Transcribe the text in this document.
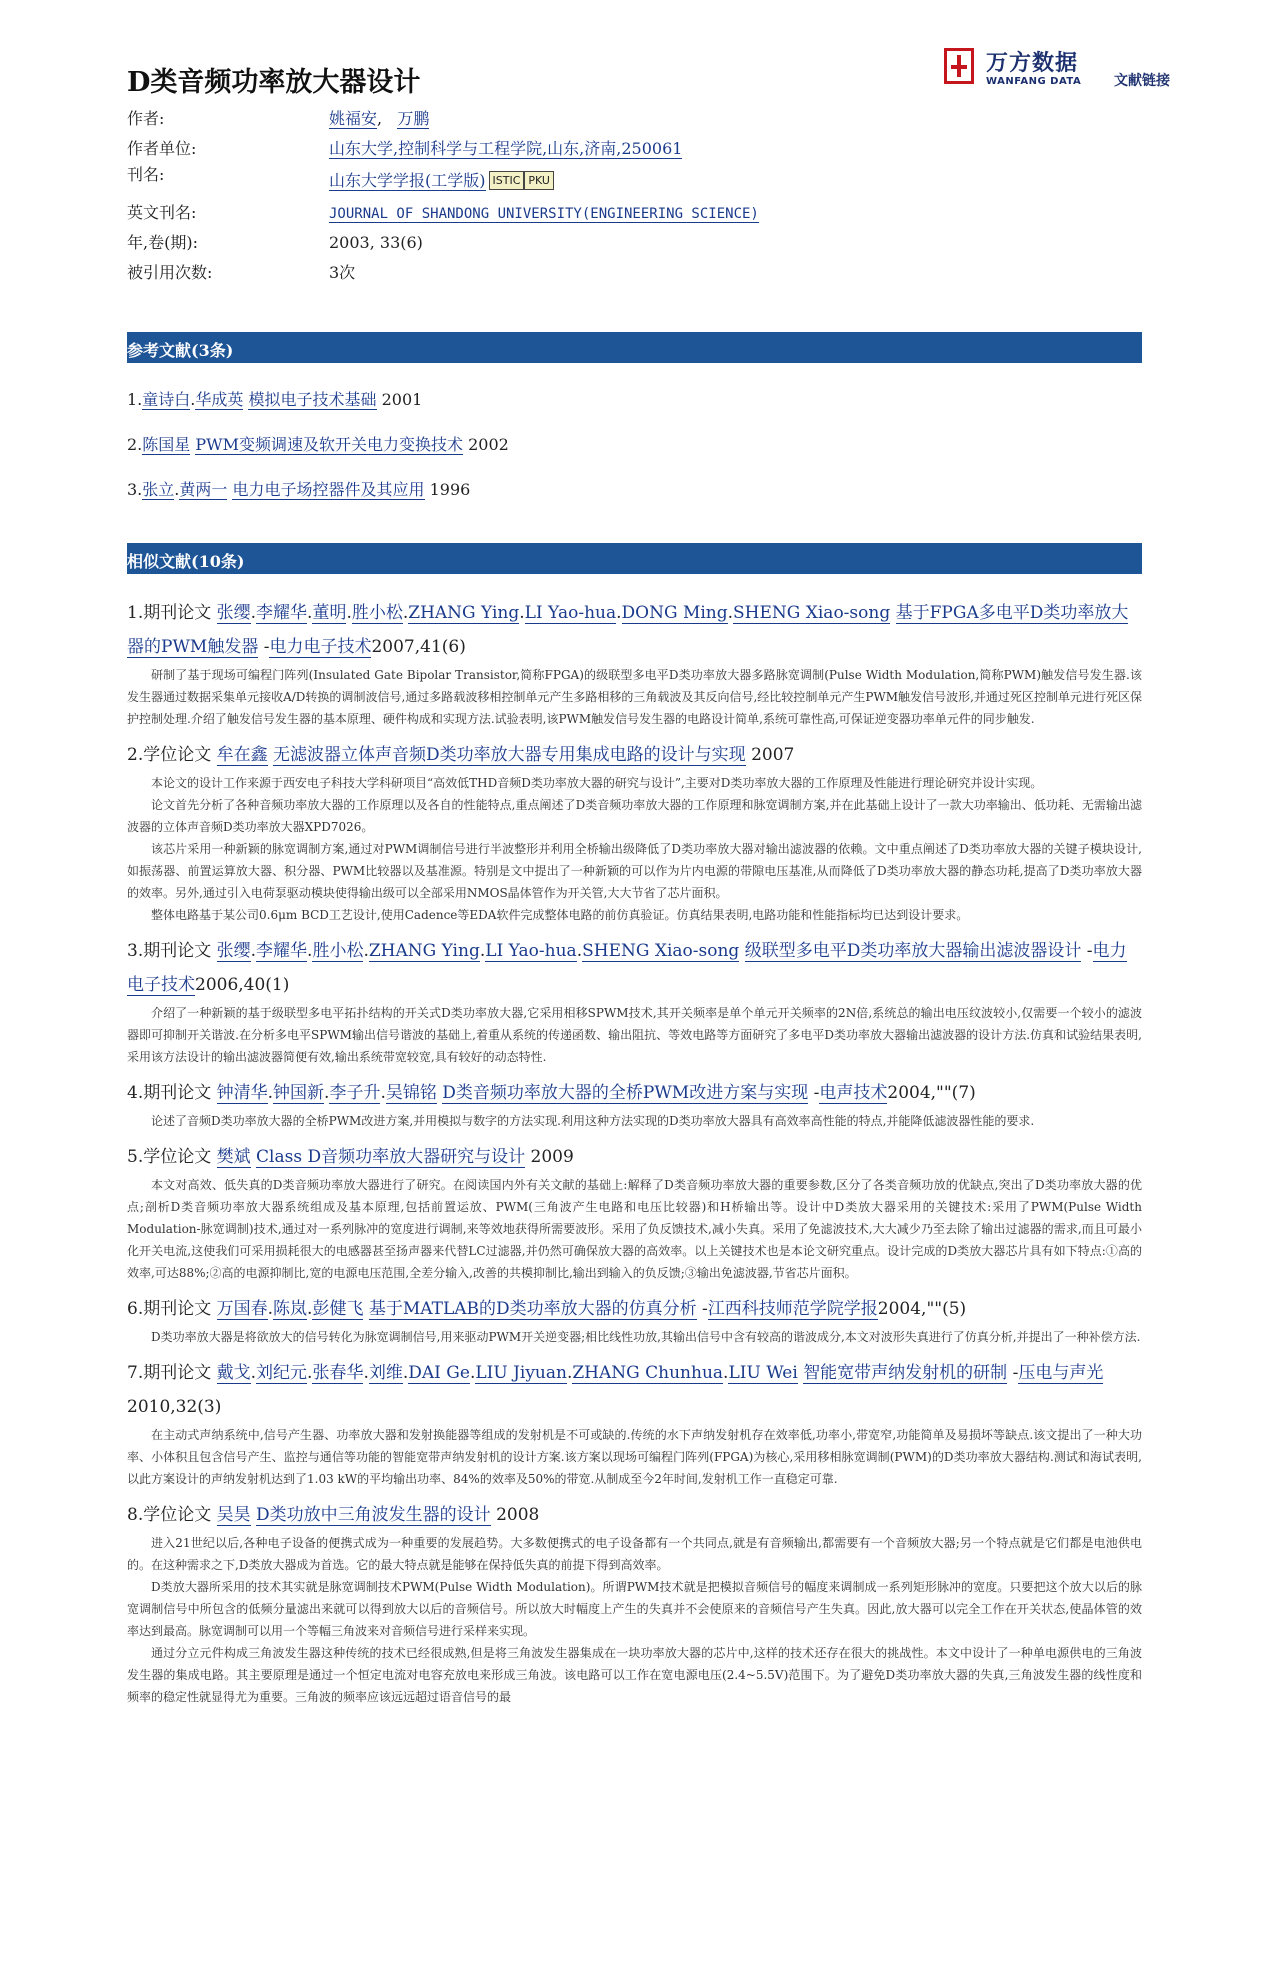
D类音频功率放大器设计
万方数据
WANFANG DATA 文献链接
作者:	姚福安,   万鹏
作者单位:	山东大学,控制科学与工程学院,山东,济南,250061
刊名:	山东大学学报(工学版) ISTIC PKU
英文刊名:	JOURNAL OF SHANDONG UNIVERSITY(ENGINEERING SCIENCE)
年,卷(期):	2003, 33(6)
被引用次数:	3次
参考文献(3条)
1.童诗白.华成英 模拟电子技术基础 2001
2.陈国星 PWM变频调速及软开关电力变换技术 2002
3.张立.黄两一 电力电子场控器件及其应用 1996
相似文献(10条)
1.期刊论文 张缨.李耀华.董明.胜小松.ZHANG Ying.LI Yao-hua.DONG Ming.SHENG Xiao-song 基于FPGA多电平D类功率放大器的PWM触发器 -电力电子技术2007,41(6)

研制了基于现场可编程门阵列(Insulated Gate Bipolar Transistor,简称FPGA)的级联型多电平D类功率放大器多路脉宽调制(Pulse Width Modulation,简称PWM)触发信号发生器.该发生器通过数据采集单元接收A/D转换的调制波信号,通过多路载波移相控制单元产生多路相移的三角载波及其反向信号,经比较控制单元产生PWM触发信号波形,并通过死区控制单元进行死区保护控制处理.介绍了触发信号发生器的基本原理、硬件构成和实现方法.试验表明,该PWM触发信号发生器的电路设计简单,系统可靠性高,可保证逆变器功率单元件的同步触发.

2.学位论文 牟在鑫 无滤波器立体声音频D类功率放大器专用集成电路的设计与实现 2007

本论文的设计工作来源于西安电子科技大学科研项目“高效低THD音频D类功率放大器的研究与设计”,主要对D类功率放大器的工作原理及性能进行理论研究并设计实现。

论文首先分析了各种音频功率放大器的工作原理以及各自的性能特点,重点阐述了D类音频功率放大器的工作原理和脉宽调制方案,并在此基础上设计了一款大功率输出、低功耗、无需输出滤波器的立体声音频D类功率放大器XPD7026。

该芯片采用一种新颖的脉宽调制方案,通过对PWM调制信号进行半波整形并利用全桥输出级降低了D类功率放大器对输出滤波器的依赖。文中重点阐述了D类功率放大器的关键子模块设计,如振荡器、前置运算放大器、积分器、PWM比较器以及基准源。特别是文中提出了一种新颖的可以作为片内电源的带隙电压基准,从而降低了D类功率放大器的静态功耗,提高了D类功率放大器的效率。另外,通过引入电荷泵驱动模块使得输出级可以全部采用NMOS晶体管作为开关管,大大节省了芯片面积。

整体电路基于某公司0.6μm BCD工艺设计,使用Cadence等EDA软件完成整体电路的前仿真验证。仿真结果表明,电路功能和性能指标均已达到设计要求。

3.期刊论文 张缨.李耀华.胜小松.ZHANG Ying.LI Yao-hua.SHENG Xiao-song 级联型多电平D类功率放大器输出滤波器设计 -电力电子技术2006,40(1)

介绍了一种新颖的基于级联型多电平拓扑结构的开关式D类功率放大器,它采用相移SPWM技术,其开关频率是单个单元开关频率的2N倍,系统总的输出电压纹波较小,仅需要一个较小的滤波器即可抑制开关谐波.在分析多电平SPWM输出信号谐波的基础上,着重从系统的传递函数、输出阻抗、等效电路等方面研究了多电平D类功率放大器输出滤波器的设计方法.仿真和试验结果表明,采用该方法设计的输出滤波器简便有效,输出系统带宽较宽,具有较好的动态特性.

4.期刊论文 钟清华.钟国新.李子升.吴锦铭 D类音频功率放大器的全桥PWM改进方案与实现 -电声技术2004,""(7)

论述了音频D类功率放大器的全桥PWM改进方案,并用模拟与数字的方法实现.利用这种方法实现的D类功率放大器具有高效率高性能的特点,并能降低滤波器性能的要求.

5.学位论文 樊斌 Class D音频功率放大器研究与设计 2009

本文对高效、低失真的D类音频功率放大器进行了研究。在阅读国内外有关文献的基础上:解释了D类音频功率放大器的重要参数,区分了各类音频功放的优缺点,突出了D类功率放大器的优点;剖析D类音频功率放大器系统组成及基本原理,包括前置运放、PWM(三角波产生电路和电压比较器)和H桥输出等。设计中D类放大器采用的关键技术:采用了PWM(Pulse Width Modulation-脉宽调制)技术,通过对一系列脉冲的宽度进行调制,来等效地获得所需要波形。采用了负反馈技术,减小失真。采用了免滤波技术,大大减少乃至去除了输出过滤器的需求,而且可最小化开关电流,这使我们可采用损耗很大的电感器甚至扬声器来代替LC过滤器,并仍然可确保放大器的高效率。以上关键技术也是本论文研究重点。设计完成的D类放大器芯片具有如下特点:①高的效率,可达88%;②高的电源抑制比,宽的电源电压范围,全差分输入,改善的共模抑制比,输出到输入的负反馈;③输出免滤波器,节省芯片面积。

6.期刊论文 万国春.陈岚.彭健飞 基于MATLAB的D类功率放大器的仿真分析 -江西科技师范学院学报2004,""(5)

D类功率放大器是将欲放大的信号转化为脉宽调制信号,用来驱动PWM开关逆变器;相比线性功放,其输出信号中含有较高的谐波成分,本文对波形失真进行了仿真分析,并提出了一种补偿方法.

7.期刊论文 戴戈.刘纪元.张春华.刘维.DAI Ge.LIU Jiyuan.ZHANG Chunhua.LIU Wei 智能宽带声纳发射机的研制 -压电与声光2010,32(3)

在主动式声纳系统中,信号产生器、功率放大器和发射换能器等组成的发射机是不可或缺的.传统的水下声纳发射机存在效率低,功率小,带宽窄,功能简单及易损坏等缺点.该文提出了一种大功率、小体积且包含信号产生、监控与通信等功能的智能宽带声纳发射机的设计方案.该方案以现场可编程门阵列(FPGA)为核心,采用移相脉宽调制(PWM)的D类功率放大器结构.测试和海试表明,以此方案设计的声纳发射机达到了1.03 kW的平均输出功率、84%的效率及50%的带宽.从制成至今2年时间,发射机工作一直稳定可靠.

8.学位论文 吴昊 D类功放中三角波发生器的设计 2008

进入21世纪以后,各种电子设备的便携式成为一种重要的发展趋势。大多数便携式的电子设备都有一个共同点,就是有音频输出,都需要有一个音频放大器;另一个特点就是它们都是电池供电的。在这种需求之下,D类放大器成为首选。它的最大特点就是能够在保持低失真的前提下得到高效率。

D类放大器所采用的技术其实就是脉宽调制技术PWM(Pulse Width Modulation)。所谓PWM技术就是把模拟音频信号的幅度来调制成一系列矩形脉冲的宽度。只要把这个放大以后的脉宽调制信号中所包含的低频分量滤出来就可以得到放大以后的音频信号。所以放大时幅度上产生的失真并不会使原来的音频信号产生失真。因此,放大器可以完全工作在开关状态,使晶体管的效率达到最高。脉宽调制可以用一个等幅三角波来对音频信号进行采样来实现。

通过分立元件构成三角波发生器这种传统的技术已经很成熟,但是将三角波发生器集成在一块功率放大器的芯片中,这样的技术还存在很大的挑战性。本文中设计了一种单电源供电的三角波发生器的集成电路。其主要原理是通过一个恒定电流对电容充放电来形成三角波。该电路可以工作在宽电源电压(2.4~5.5V)范围下。为了避免D类功率放大器的失真,三角波发生器的线性度和频率的稳定性就显得尤为重要。三角波的频率应该远远超过语音信号的最
